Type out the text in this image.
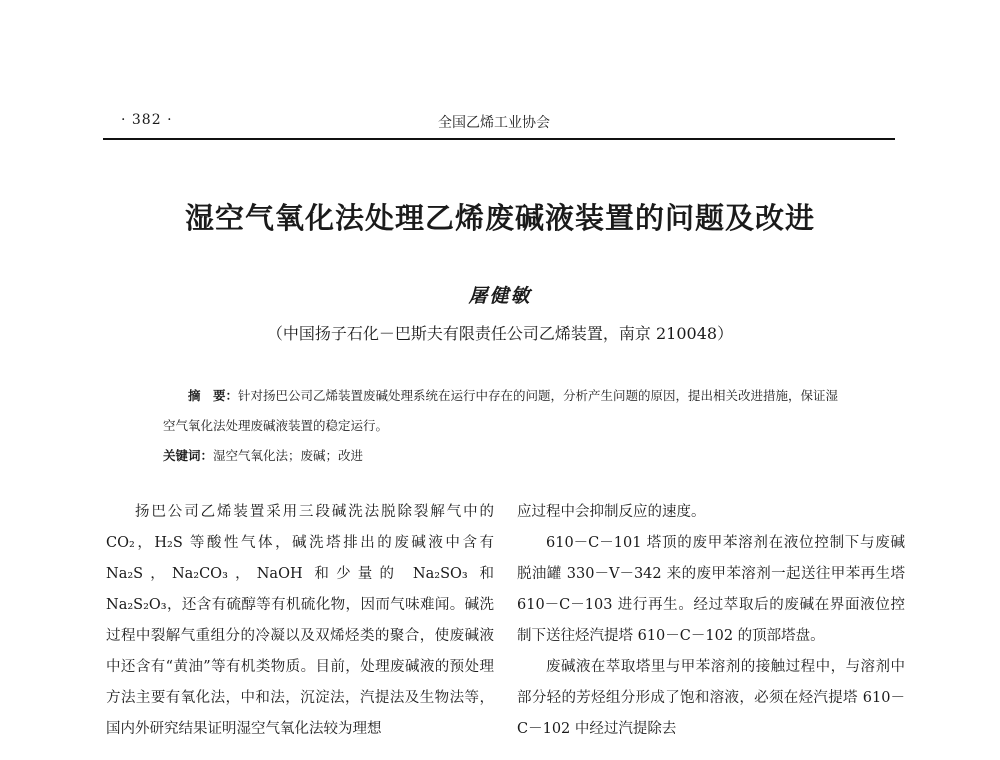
· 382 ·	全国乙烯工业协会
湿空气氧化法处理乙烯废碱液装置的问题及改进
屠健敏
（中国扬子石化－巴斯夫有限责任公司乙烯装置，南京 210048）

摘　要：针对扬巴公司乙烯装置废碱处理系统在运行中存在的问题，分析产生问题的原因，提出相关改进措施，保证湿空气氧化法处理废碱液装置的稳定运行。

关键词：湿空气氧化法；废碱；改进

扬巴公司乙烯装置采用三段碱洗法脱除裂解气中的 CO₂，H₂S 等酸性气体，碱洗塔排出的废碱液中含有 Na₂S，Na₂CO₃，NaOH 和少量的 Na₂SO₃ 和 Na₂S₂O₃，还含有硫醇等有机硫化物，因而气味难闻。碱洗过程中裂解气重组分的冷凝以及双烯烃类的聚合，使废碱液中还含有“黄油”等有机类物质。目前，处理废碱液的预处理方法主要有氧化法，中和法，沉淀法，汽提法及生物法等，国内外研究结果证明湿空气氧化法较为理想

应过程中会抑制反应的速度。

610－C－101 塔顶的废甲苯溶剂在液位控制下与废碱脱油罐 330－V－342 来的废甲苯溶剂一起送往甲苯再生塔 610－C－103 进行再生。经过萃取后的废碱在界面液位控制下送往烃汽提塔 610－C－102 的顶部塔盘。

废碱液在萃取塔里与甲苯溶剂的接触过程中，与溶剂中部分轻的芳烃组分形成了饱和溶液，必须在烃汽提塔 610－C－102 中经过汽提除去
